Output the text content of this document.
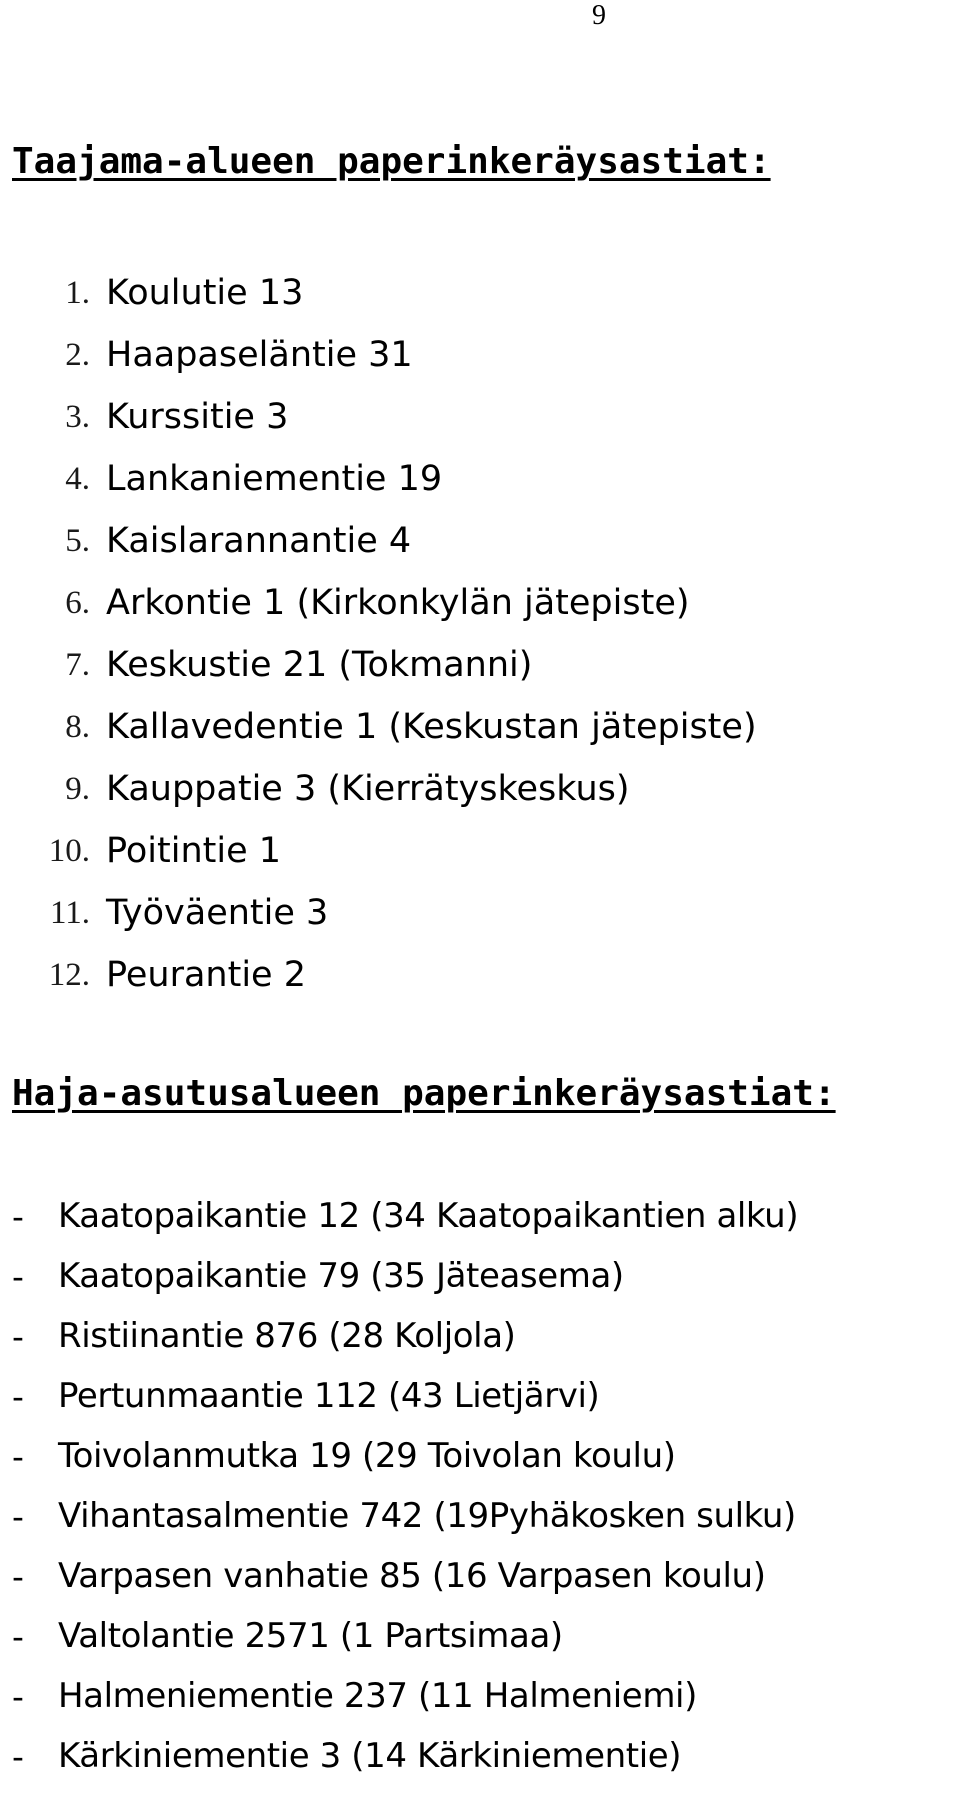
9
Taajama-alueen paperinkeräysastiat:
1. Koulutie 13
2. Haapaseläntie 31
3. Kurssitie 3
4. Lankaniementie 19
5. Kaislarannantie 4
6. Arkontie 1 (Kirkonkylän jätepiste)
7. Keskustie 21 (Tokmanni)
8. Kallavedentie 1 (Keskustan jätepiste)
9. Kauppatie 3 (Kierrätyskeskus)
10. Poitintie 1
11. Työväentie 3
12. Peurantie 2
Haja-asutusalueen paperinkeräysastiat:
-	Kaatopaikantie 12 (34 Kaatopaikantien alku)
-	Kaatopaikantie 79 (35 Jäteasema)
-	Ristiinantie 876 (28 Koljola)
-	Pertunmaantie 112 (43 Lietjärvi)
-	Toivolanmutka 19 (29 Toivolan koulu)
-	Vihantasalmentie 742 (19Pyhäkosken sulku)
-	Varpasen vanhatie 85 (16 Varpasen koulu)
-	Valtolantie 2571 (1 Partsimaa)
-	Halmeniementie 237 (11 Halmeniemi)
-	Kärkiniementie 3 (14 Kärkiniementie)
